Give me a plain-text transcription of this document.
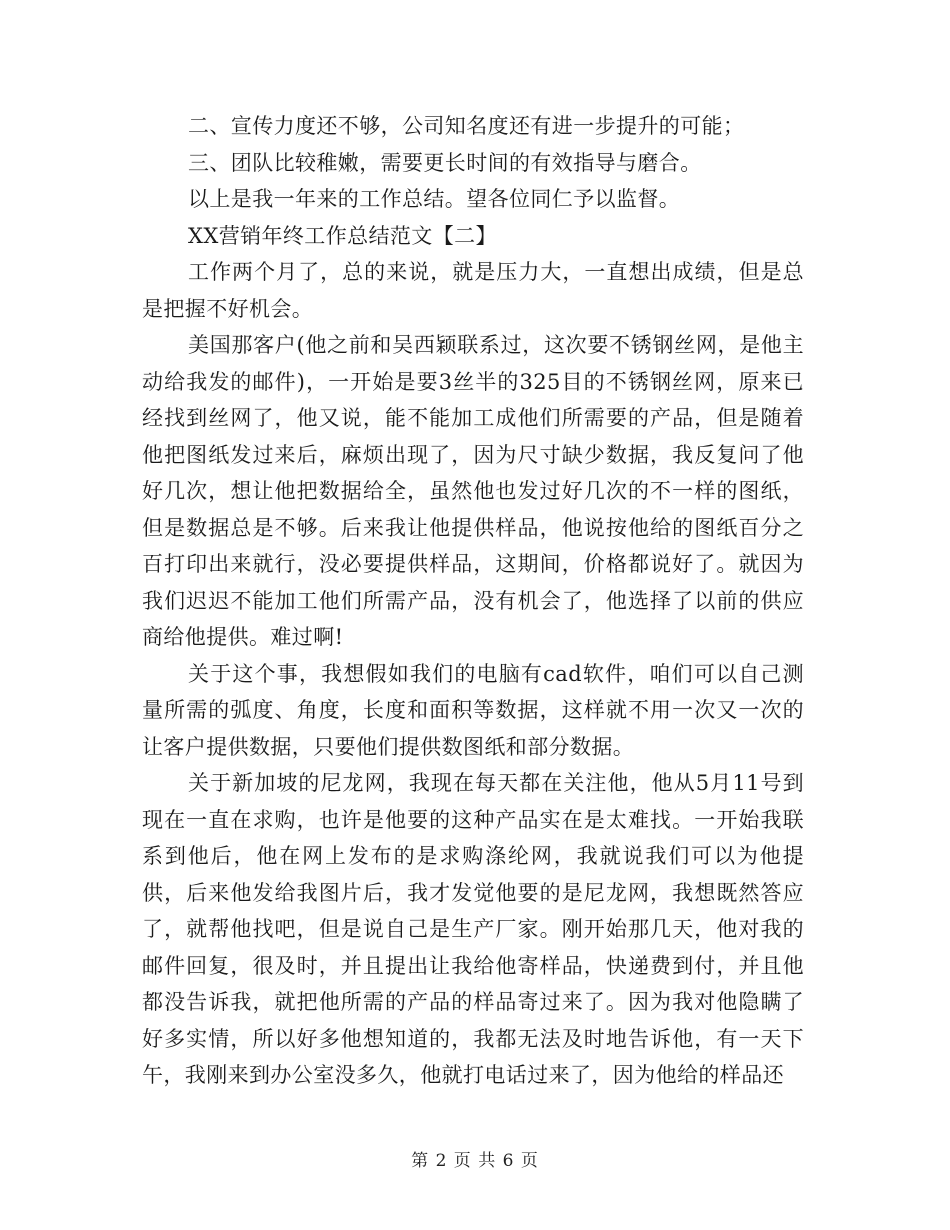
二、宣传力度还不够，公司知名度还有进一步提升的可能；

三、团队比较稚嫩，需要更长时间的有效指导与磨合。

以上是我一年来的工作总结。望各位同仁予以监督。

XX营销年终工作总结范文【二】

工作两个月了，总的来说，就是压力大，一直想出成绩，但是总是把握不好机会。

美国那客户(他之前和吴西颖联系过，这次要不锈钢丝网，是他主动给我发的邮件)，一开始是要3丝半的325目的不锈钢丝网，原来已经找到丝网了，他又说，能不能加工成他们所需要的产品，但是随着他把图纸发过来后，麻烦出现了，因为尺寸缺少数据，我反复问了他好几次，想让他把数据给全，虽然他也发过好几次的不一样的图纸，但是数据总是不够。后来我让他提供样品，他说按他给的图纸百分之百打印出来就行，没必要提供样品，这期间，价格都说好了。就因为我们迟迟不能加工他们所需产品，没有机会了，他选择了以前的供应商给他提供。难过啊!

关于这个事，我想假如我们的电脑有cad软件，咱们可以自己测量所需的弧度、角度，长度和面积等数据，这样就不用一次又一次的让客户提供数据，只要他们提供数图纸和部分数据。

关于新加坡的尼龙网，我现在每天都在关注他，他从5月11号到现在一直在求购，也许是他要的这种产品实在是太难找。一开始我联系到他后，他在网上发布的是求购涤纶网，我就说我们可以为他提供，后来他发给我图片后，我才发觉他要的是尼龙网，我想既然答应了，就帮他找吧，但是说自己是生产厂家。刚开始那几天，他对我的邮件回复，很及时，并且提出让我给他寄样品，快递费到付，并且他都没告诉我，就把他所需的产品的样品寄过来了。因为我对他隐瞒了好多实情，所以好多他想知道的，我都无法及时地告诉他，有一天下午，我刚来到办公室没多久，他就打电话过来了，因为他给的样品还

第 2 页 共 6 页
